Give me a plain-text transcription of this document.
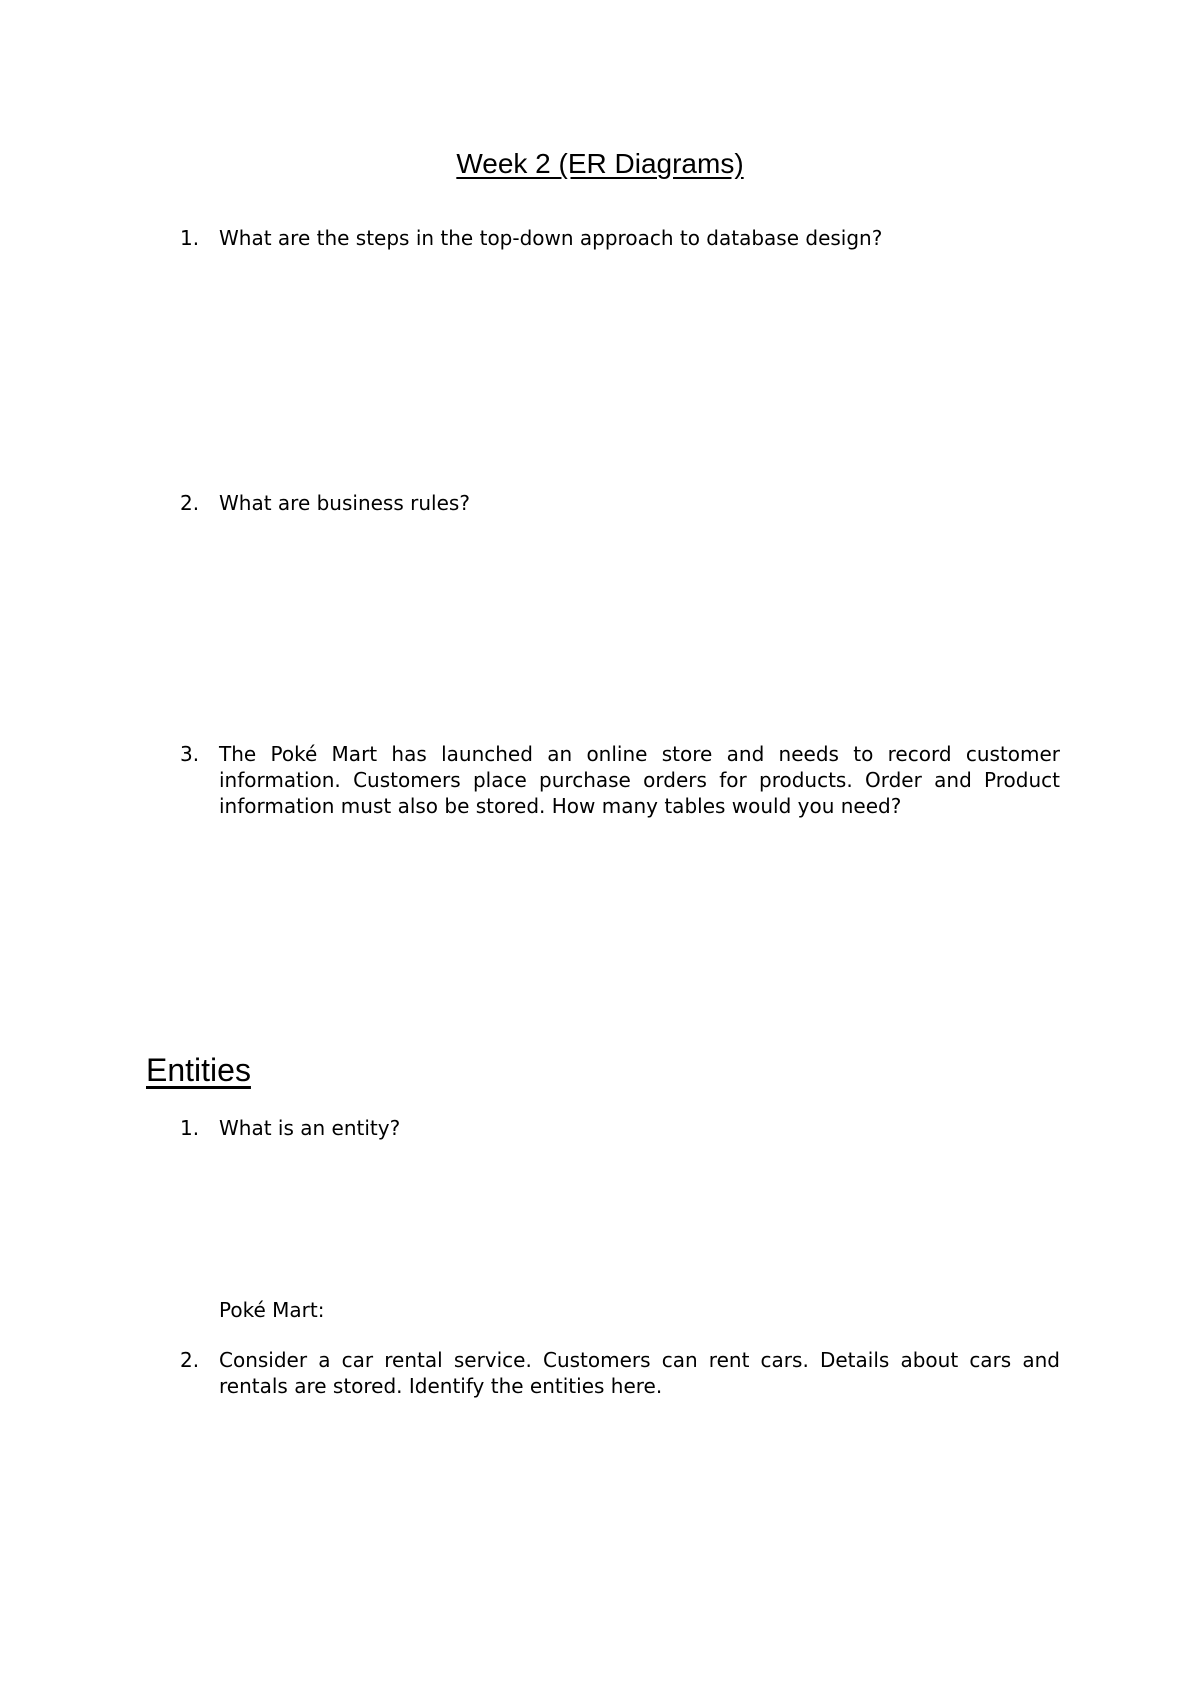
Week 2 (ER Diagrams)
1. What are the steps in the top-down approach to database design?
2. What are business rules?
3. The Poké Mart has launched an online store and needs to record customer information. Customers place purchase orders for products. Order and Product information must also be stored. How many tables would you need?
Entities
1. What is an entity?
Poké Mart:
2. Consider a car rental service. Customers can rent cars. Details about cars and rentals are stored. Identify the entities here.
